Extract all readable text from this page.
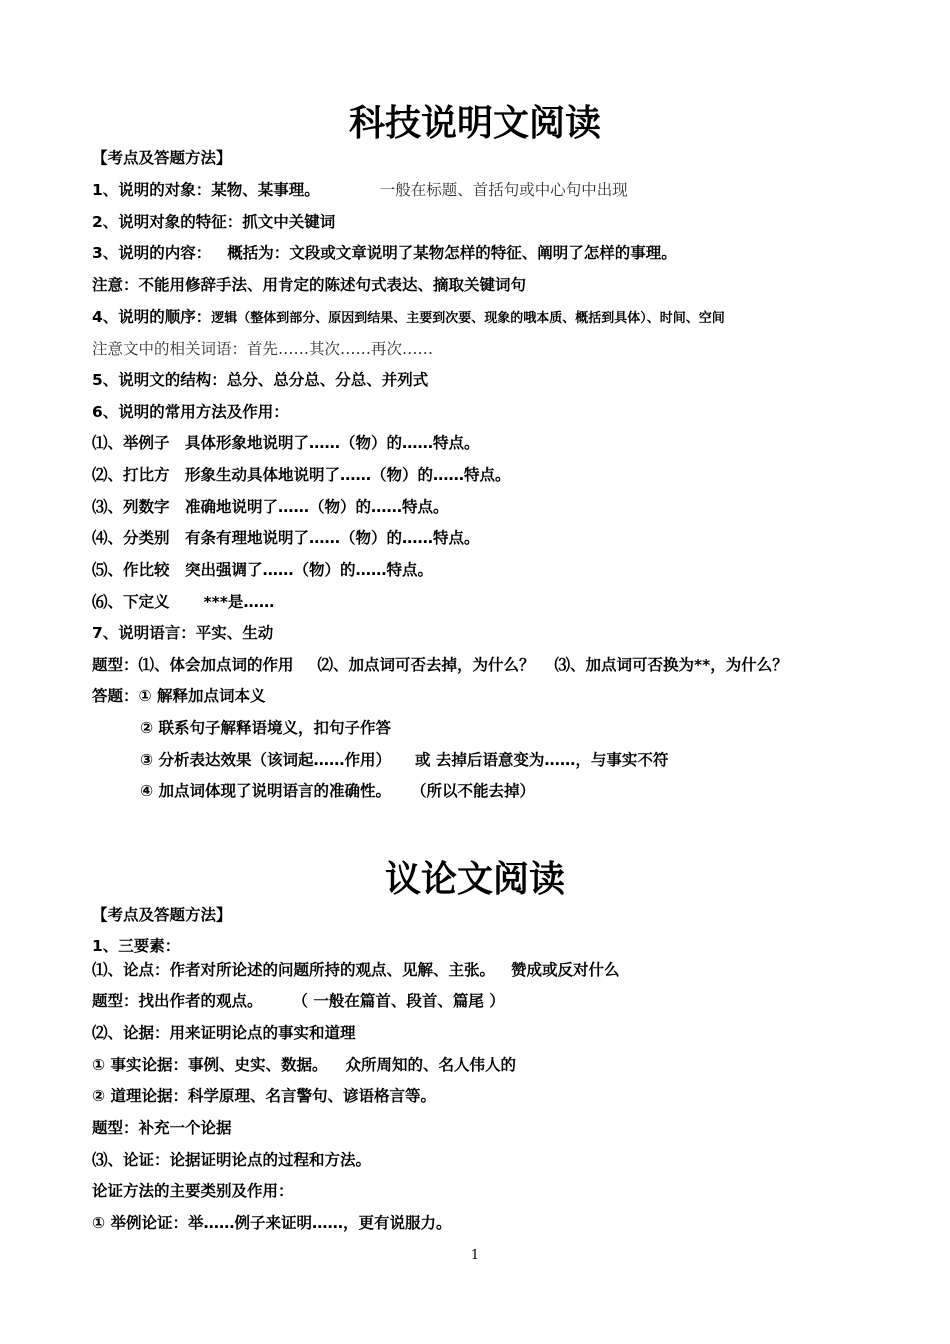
科技说明文阅读
【考点及答题方法】
1、说明的对象：某物、某事理。	一般在标题、首括句或中心句中出现
2、说明对象的特征：抓文中关键词
3、说明的内容： 概括为：文段或文章说明了某物怎样的特征、阐明了怎样的事理。
注意：不能用修辞手法、用肯定的陈述句式表达、摘取关键词句
4、说明的顺序：逻辑（整体到部分、原因到结果、主要到次要、现象的哦本质、概括到具体）、时间、空间
注意文中的相关词语：首先……其次……再次……
5、说明文的结构：总分、总分总、分总、并列式
6、说明的常用方法及作用：
⑴、举例子　具体形象地说明了……（物）的……特点。
⑵、打比方　形象生动具体地说明了……（物）的……特点。
⑶、列数字　准确地说明了……（物）的……特点。
⑷、分类别　有条有理地说明了……（物）的……特点。
⑸、作比较　突出强调了……（物）的……特点。
⑹、下定义 ***是……
7、说明语言：平实、生动
题型：⑴、体会加点词的作用 ⑵、加点词可否去掉，为什么？ ⑶、加点词可否换为**，为什么？
答题：① 解释加点词本义
② 联系句子解释语境义，扣句子作答
③ 分析表达效果（该词起……作用） 或 去掉后语意变为……，与事实不符
④ 加点词体现了说明语言的准确性。 （所以不能去掉）
议论文阅读
【考点及答题方法】
1、三要素：
⑴、论点：作者对所论述的问题所持的观点、见解、主张。 赞成或反对什么
题型：找出作者的观点。 （ 一般在篇首、段首、篇尾 ）
⑵、论据：用来证明论点的事实和道理
① 事实论据：事例、史实、数据。 众所周知的、名人伟人的
② 道理论据：科学原理、名言警句、谚语格言等。
题型：补充一个论据
⑶、论证：论据证明论点的过程和方法。
论证方法的主要类别及作用：
① 举例论证：举……例子来证明……，更有说服力。
1
